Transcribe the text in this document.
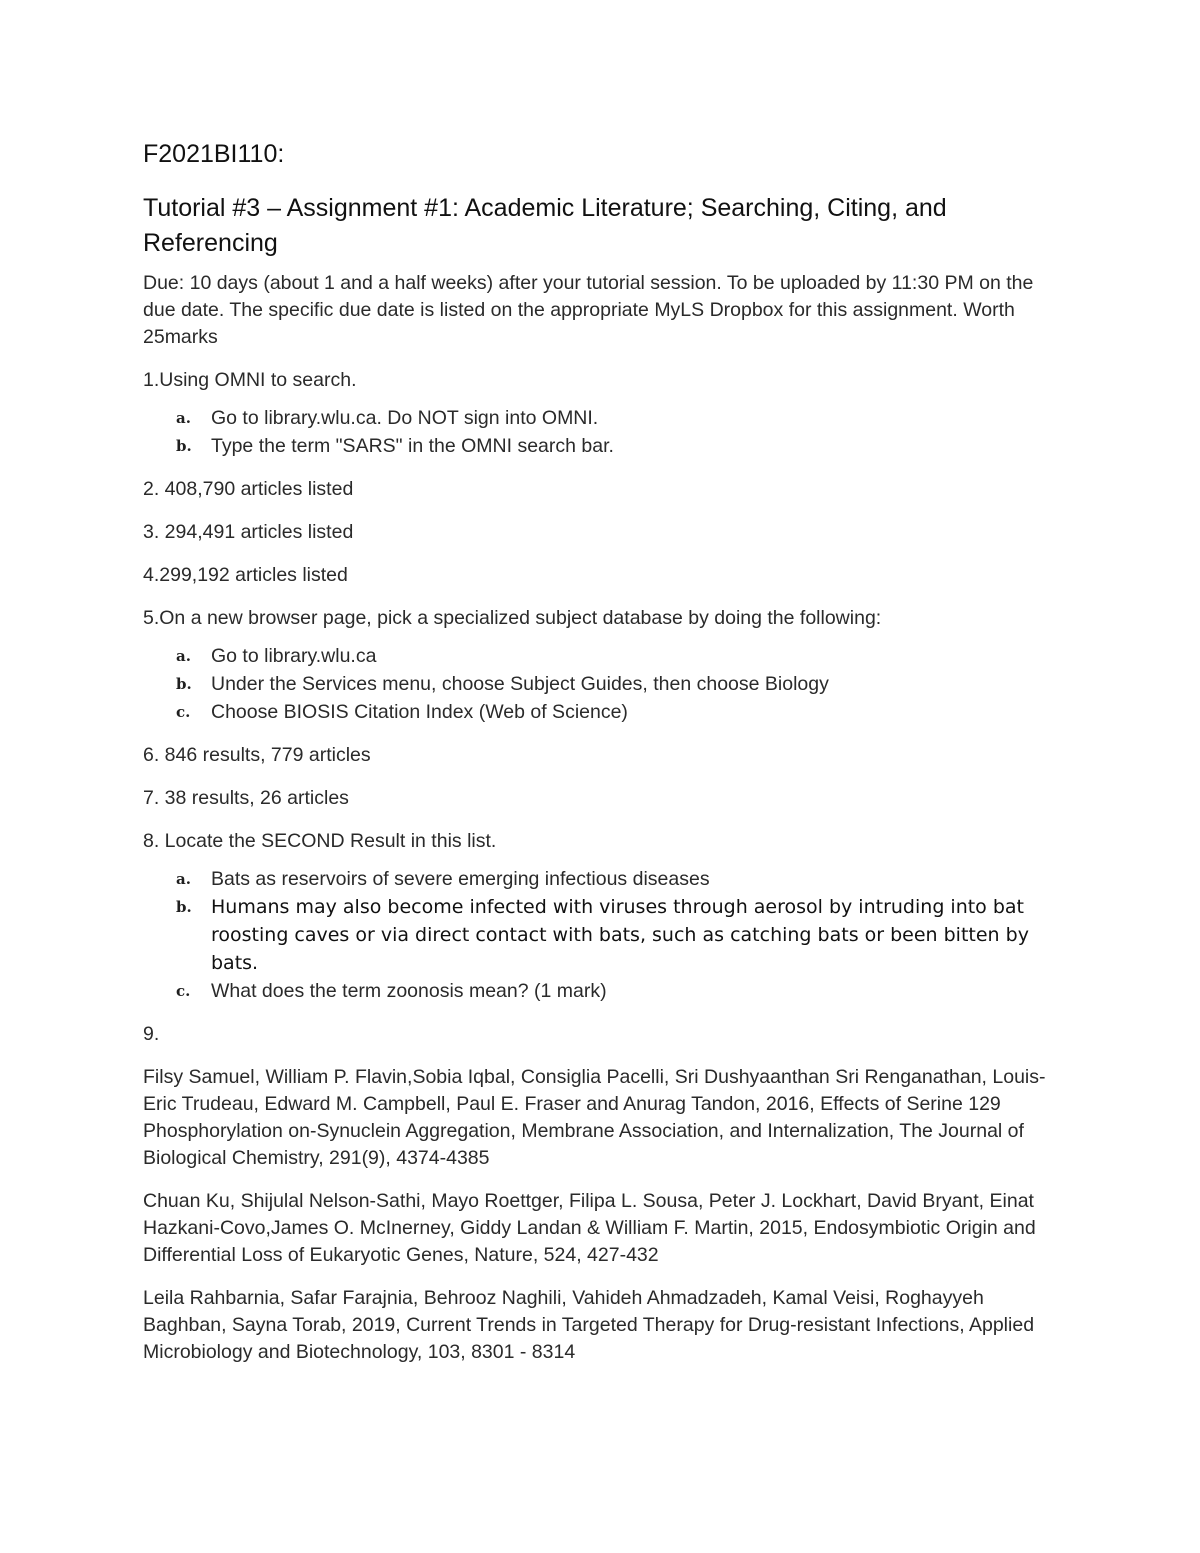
F2021BI110:
Tutorial #3 – Assignment #1: Academic Literature; Searching, Citing, and Referencing

Due: 10 days (about 1 and a half weeks) after your tutorial session. To be uploaded by 11:30 PM on the due date. The specific due date is listed on the appropriate MyLS Dropbox for this assignment. Worth 25marks

1.Using OMNI to search.

a. Go to library.wlu.ca. Do NOT sign into OMNI.
b. Type the term "SARS" in the OMNI search bar.

2. 408,790 articles listed

3. 294,491 articles listed

4.299,192 articles listed

5.On a new browser page, pick a specialized subject database by doing the following:

a. Go to library.wlu.ca
b. Under the Services menu, choose Subject Guides, then choose Biology
c. Choose BIOSIS Citation Index (Web of Science)

6. 846 results, 779 articles

7. 38 results, 26 articles

8. Locate the SECOND Result in this list.

a. Bats as reservoirs of severe emerging infectious diseases
b. Humans may also become infected with viruses through aerosol by intruding into bat roosting caves or via direct contact with bats, such as catching bats or been bitten by bats.
c. What does the term zoonosis mean? (1 mark)

9.

Filsy Samuel, William P. Flavin,Sobia Iqbal, Consiglia Pacelli, Sri Dushyaanthan Sri Renganathan, Louis-Eric Trudeau, Edward M. Campbell, Paul E. Fraser and Anurag Tandon, 2016, Effects of Serine 129 Phosphorylation on-Synuclein Aggregation, Membrane Association, and Internalization, The Journal of Biological Chemistry, 291(9), 4374-4385

Chuan Ku, Shijulal Nelson-Sathi, Mayo Roettger, Filipa L. Sousa, Peter J. Lockhart, David Bryant, Einat Hazkani-Covo,James O. McInerney, Giddy Landan & William F. Martin, 2015, Endosymbiotic Origin and Differential Loss of Eukaryotic Genes, Nature, 524, 427-432

Leila Rahbarnia, Safar Farajnia, Behrooz Naghili, Vahideh Ahmadzadeh, Kamal Veisi, Roghayyeh Baghban, Sayna Torab, 2019, Current Trends in Targeted Therapy for Drug-resistant Infections, Applied Microbiology and Biotechnology, 103, 8301 - 8314
